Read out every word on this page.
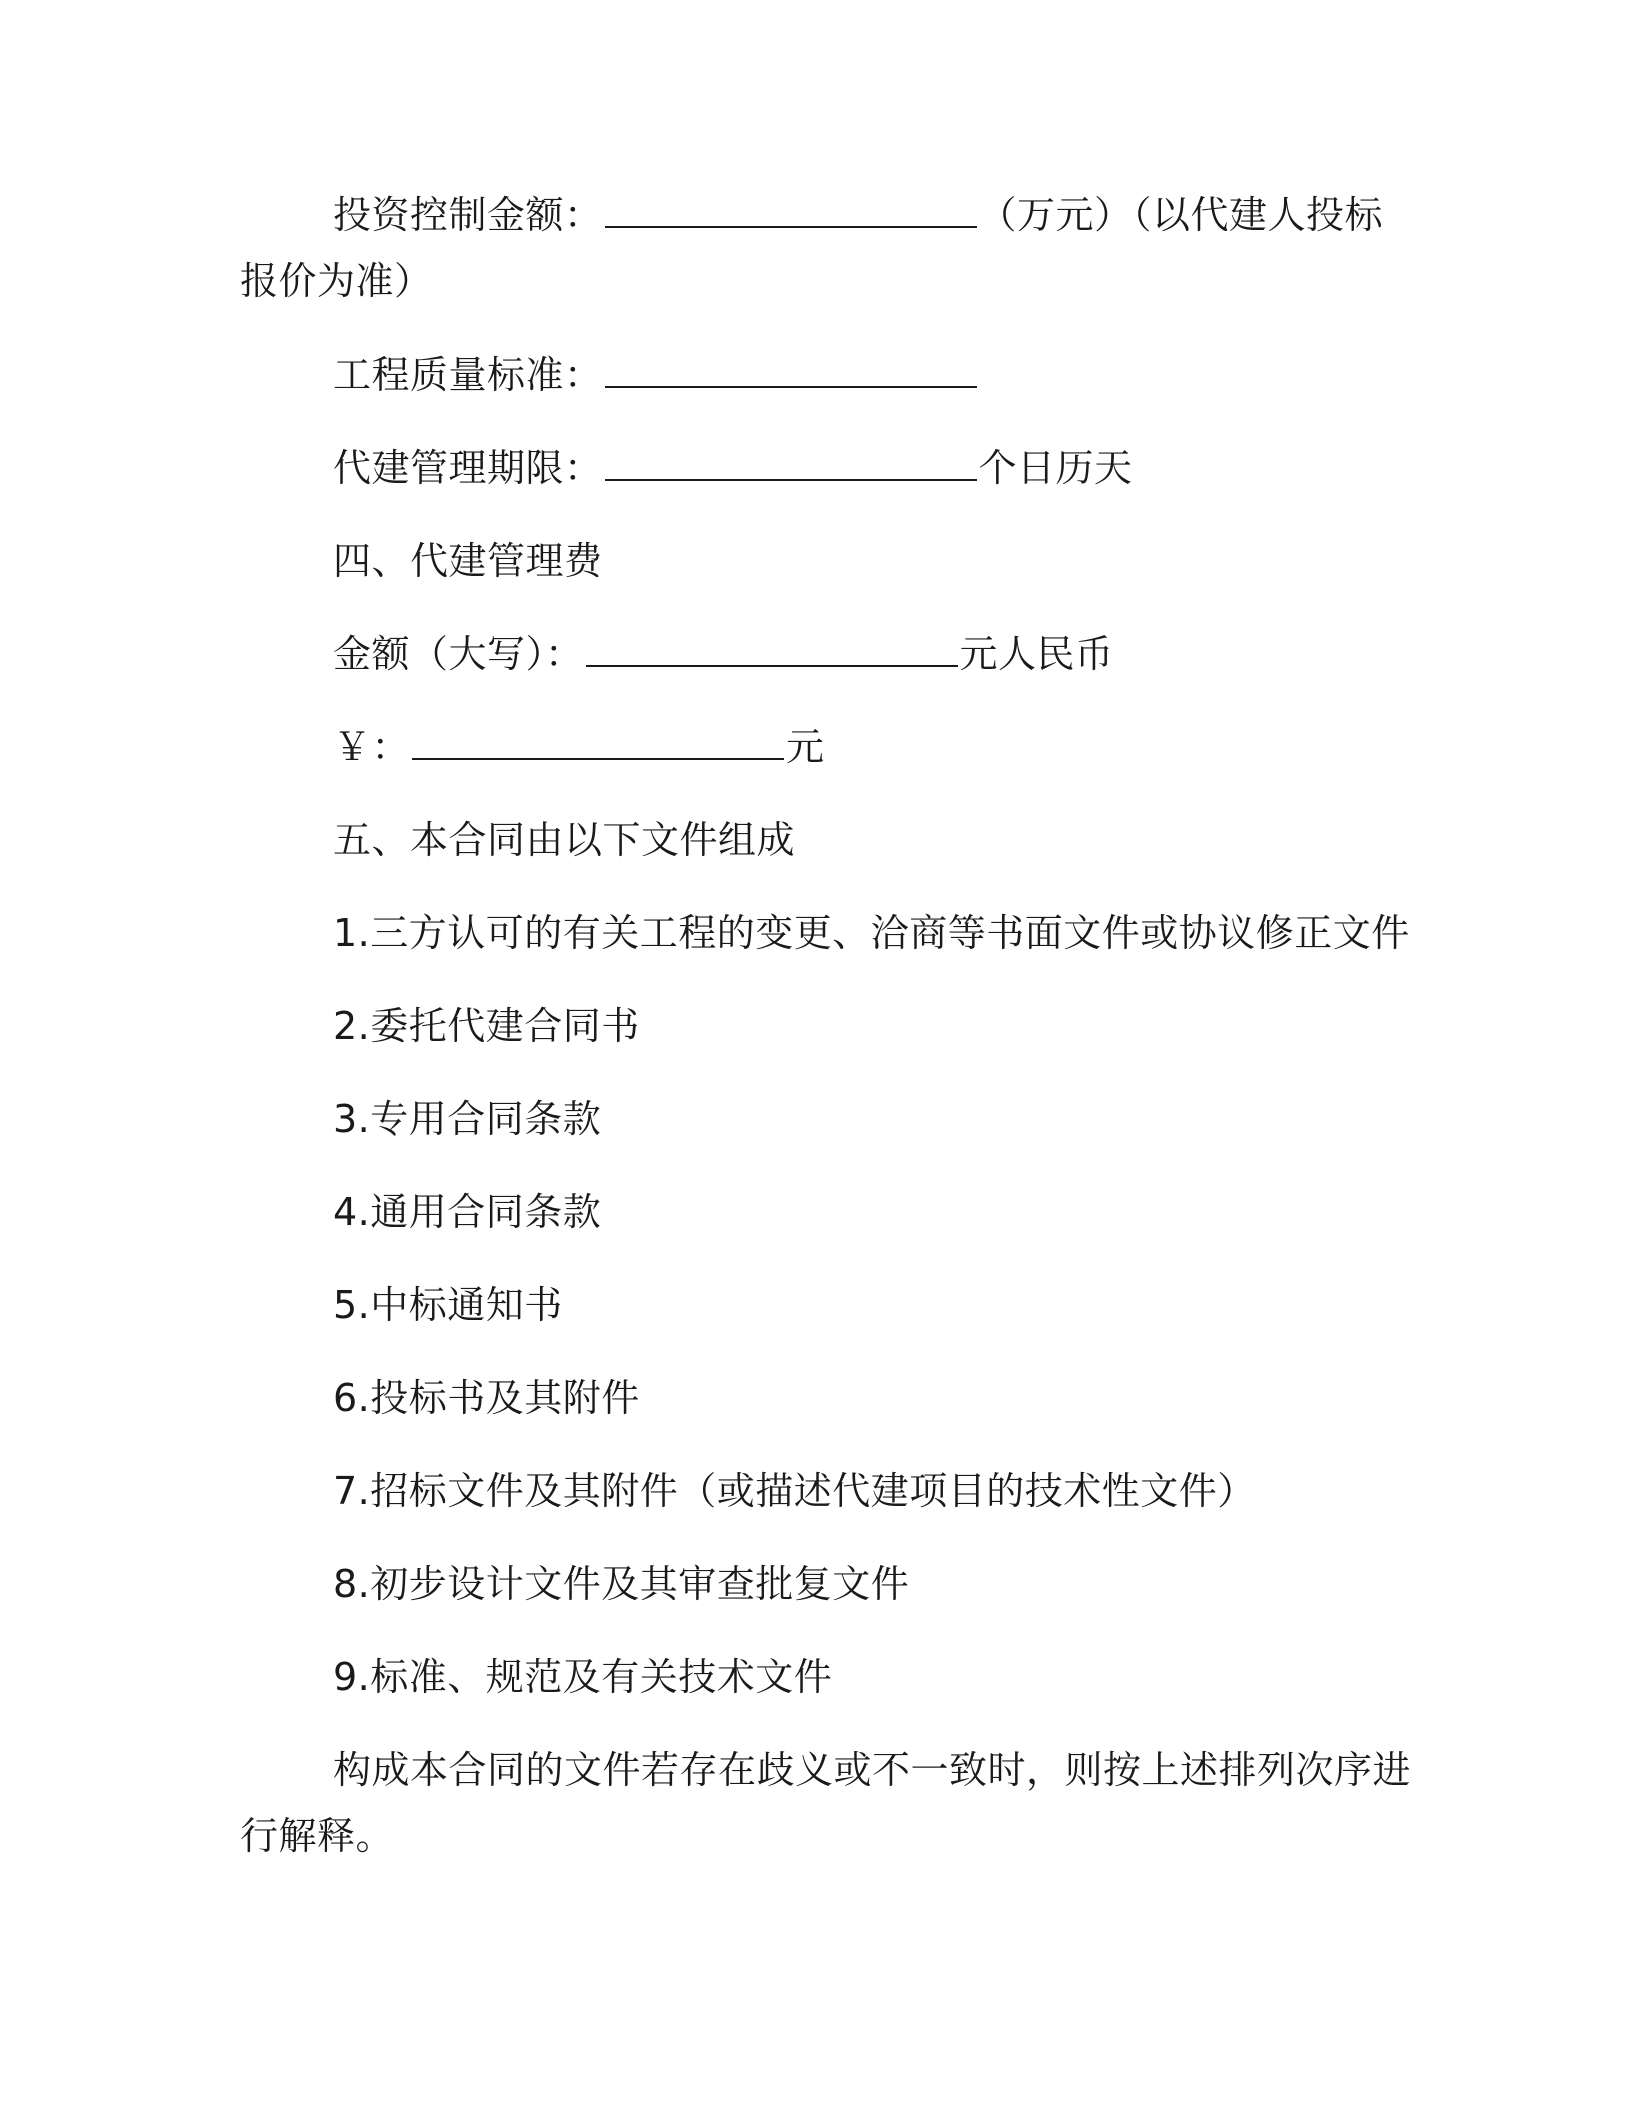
投资控制金额：	（万元）（以代建人投标
报价为准）
工程质量标准：
代建管理期限：	个日历天
四、代建管理费
金额（大写）：	元人民币
￥：	元
五、本合同由以下文件组成
1.三方认可的有关工程的变更、洽商等书面文件或协议修正文件
2.委托代建合同书
3.专用合同条款
4.通用合同条款
5.中标通知书
6.投标书及其附件
7.招标文件及其附件（或描述代建项目的技术性文件）
8.初步设计文件及其审查批复文件
9.标准、规范及有关技术文件
构成本合同的文件若存在歧义或不一致时，则按上述排列次序进
行解释。
